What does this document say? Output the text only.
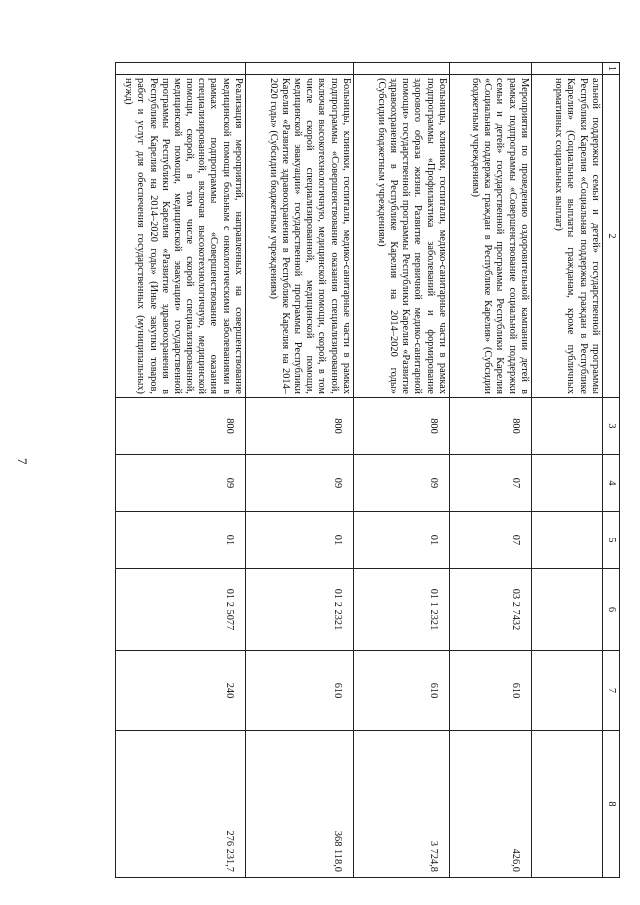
7
1	2	3	4	5	6	7	8
	альной поддержки семьи и детей» государственной программы Республики Карелия «Социальная поддержка граждан в Республике Карелия» (Социальные выплаты гражданам, кроме публичных нормативных социальных выплат)						
	Мероприятия по проведению оздоровительной кампании детей в рамках подпрограммы «Совершенствование социальной поддержки семьи и детей» государственной программы Республики Карелия «Социальная поддержка граждан в Республике Карелия» (Субсидии бюджетным учреждениям)	800	07	07	03 2 7432	610	426,0
	Больницы, клиники, госпитали, медико-санитарные части в рамках подпрограммы «Профилактика заболеваний и формирование здорового образа жизни. Развитие первичной медико-санитарной помощи» государственной программы Республики Карелия «Развитие здравоохранения в Республике Карелия на 2014–2020 годы» (Субсидии бюджетным учреждениям)	800	09	01	01 1 2321	610	3 724,8
	Больницы, клиники, госпитали, медико-санитарные части в рамках подпрограммы «Совершенствование оказания специализированной, включая высокотехнологичную, медицинской помощи, скорой, в том числе скорой специализированной, медицинской помощи, медицинской эвакуации» государственной программы Республики Карелия «Развитие здравоохранения в Республике Карелия на 2014–2020 годы» (Субсидии бюджетным учреждениям)	800	09	01	01 2 2321	610	368 118,0
	Реализация мероприятий, направленных на совершенствование медицинской помощи больным с онкологическими заболеваниями в рамках подпрограммы «Совершенствование оказания специализированной, включая высокотехнологичную, медицинской помощи, скорой, в том числе скорой специализированной, медицинской помощи, медицинской эвакуации» государственной программы Республики Карелия «Развитие здравоохранения в Республике Карелия на 2014–2020 годы» (Иные закупки товаров, работ и услуг для обеспечения государственных (муниципальных) нужд)	800	09	01	01 2 5077	240	276 231,7
